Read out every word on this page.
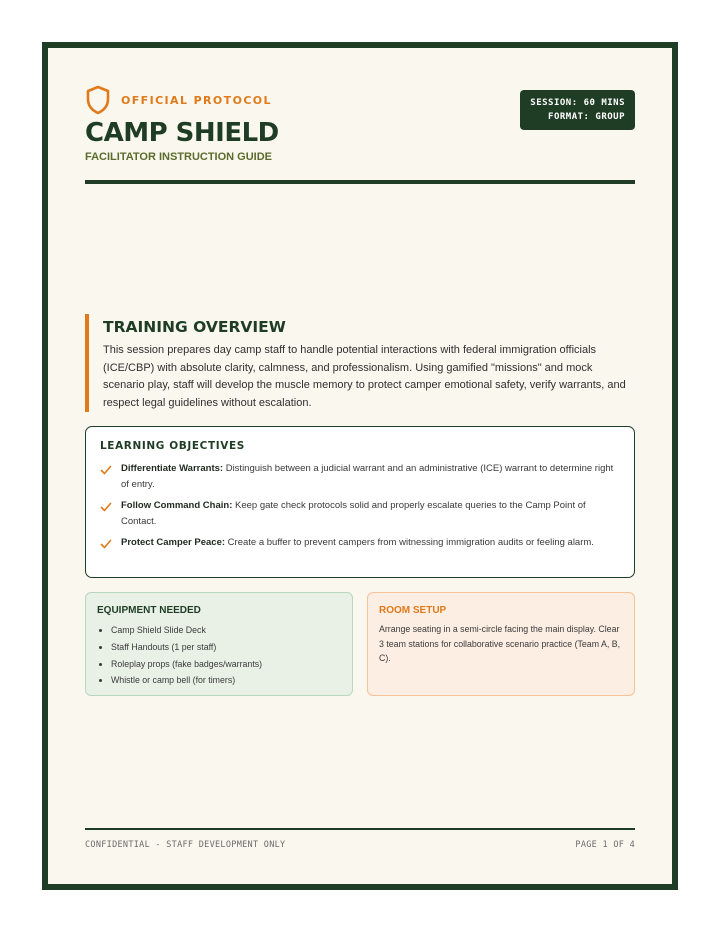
OFFICIAL PROTOCOL
CAMP SHIELD
FACILITATOR INSTRUCTION GUIDE
SESSION: 60 MINS
FORMAT: GROUP
TRAINING OVERVIEW

This session prepares day camp staff to handle potential interactions with federal immigration officials (ICE/CBP) with absolute clarity, calmness, and professionalism. Using gamified "missions" and mock scenario play, staff will develop the muscle memory to protect camper emotional safety, verify warrants, and respect legal guidelines without escalation.

LEARNING OBJECTIVES
Differentiate Warrants: Distinguish between a judicial warrant and an administrative (ICE) warrant to determine right of entry.
Follow Command Chain: Keep gate check protocols solid and properly escalate queries to the Camp Point of Contact.
Protect Camper Peace: Create a buffer to prevent campers from witnessing immigration audits or feeling alarm.
EQUIPMENT NEEDED
• Camp Shield Slide Deck
• Staff Handouts (1 per staff)
• Roleplay props (fake badges/warrants)
• Whistle or camp bell (for timers)
ROOM SETUP

Arrange seating in a semi-circle facing the main display. Clear 3 team stations for collaborative scenario practice (Team A, B, C).

CONFIDENTIAL - STAFF DEVELOPMENT ONLY	PAGE 1 OF 4
